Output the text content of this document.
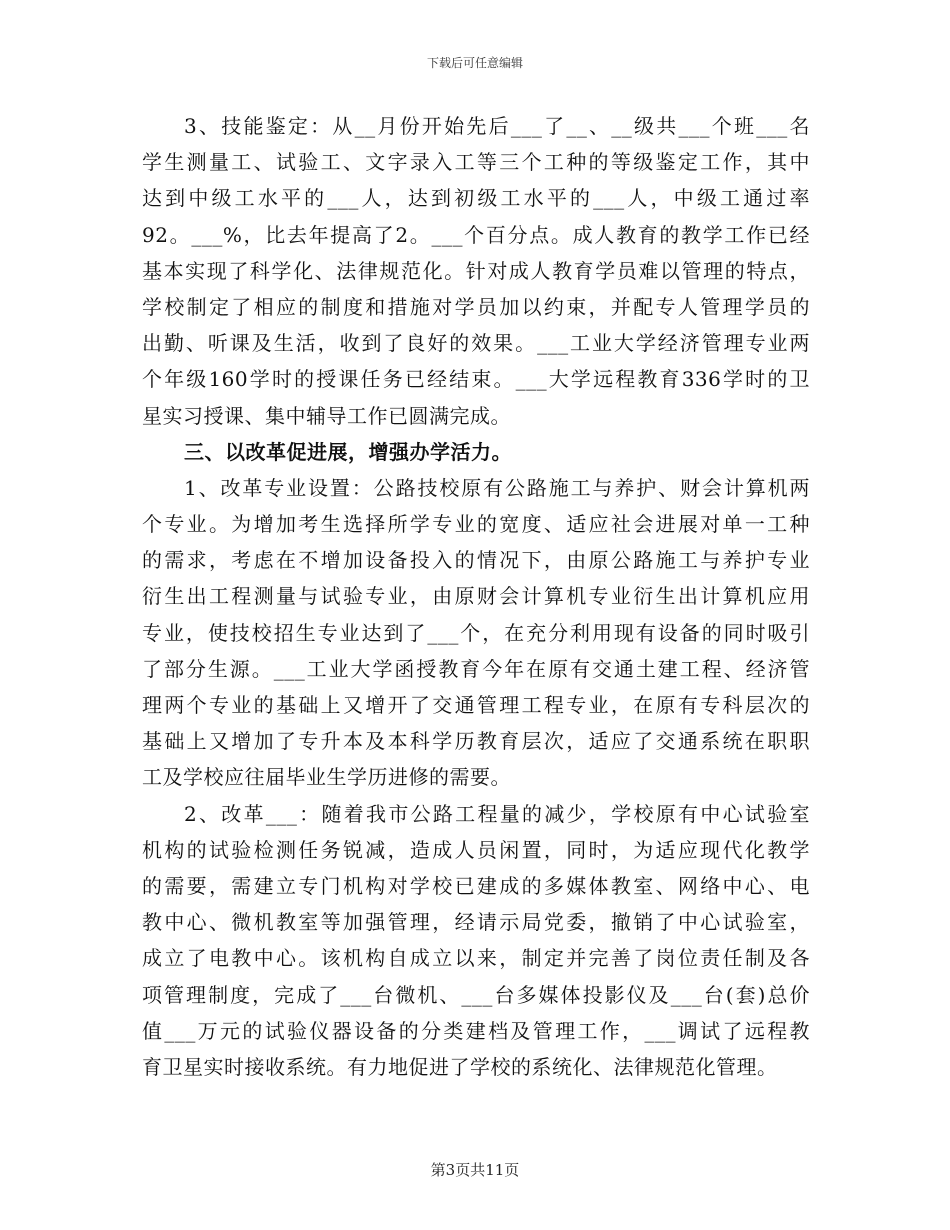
下载后可任意编辑
3、技能鉴定：从__月份开始先后___了__、__级共___个班___名
学生测量工、试验工、文字录入工等三个工种的等级鉴定工作，其中
达到中级工水平的___人，达到初级工水平的___人，中级工通过率
92。___%，比去年提高了2。___个百分点。成人教育的教学工作已经
基本实现了科学化、法律规范化。针对成人教育学员难以管理的特点，
学校制定了相应的制度和措施对学员加以约束，并配专人管理学员的
出勤、听课及生活，收到了良好的效果。___工业大学经济管理专业两
个年级160学时的授课任务已经结束。___大学远程教育336学时的卫
星实习授课、集中辅导工作已圆满完成。
三、以改革促进展，增强办学活力。
1、改革专业设置：公路技校原有公路施工与养护、财会计算机两
个专业。为增加考生选择所学专业的宽度、适应社会进展对单一工种
的需求，考虑在不增加设备投入的情况下，由原公路施工与养护专业
衍生出工程测量与试验专业，由原财会计算机专业衍生出计算机应用
专业，使技校招生专业达到了___个，在充分利用现有设备的同时吸引
了部分生源。___工业大学函授教育今年在原有交通土建工程、经济管
理两个专业的基础上又增开了交通管理工程专业，在原有专科层次的
基础上又增加了专升本及本科学历教育层次，适应了交通系统在职职
工及学校应往届毕业生学历进修的需要。
2、改革___：随着我市公路工程量的减少，学校原有中心试验室
机构的试验检测任务锐减，造成人员闲置，同时，为适应现代化教学
的需要，需建立专门机构对学校已建成的多媒体教室、网络中心、电
教中心、微机教室等加强管理，经请示局党委，撤销了中心试验室，
成立了电教中心。该机构自成立以来，制定并完善了岗位责任制及各
项管理制度，完成了___台微机、___台多媒体投影仪及___台(套)总价
值___万元的试验仪器设备的分类建档及管理工作，___调试了远程教
育卫星实时接收系统。有力地促进了学校的系统化、法律规范化管理。
第3页共11页
